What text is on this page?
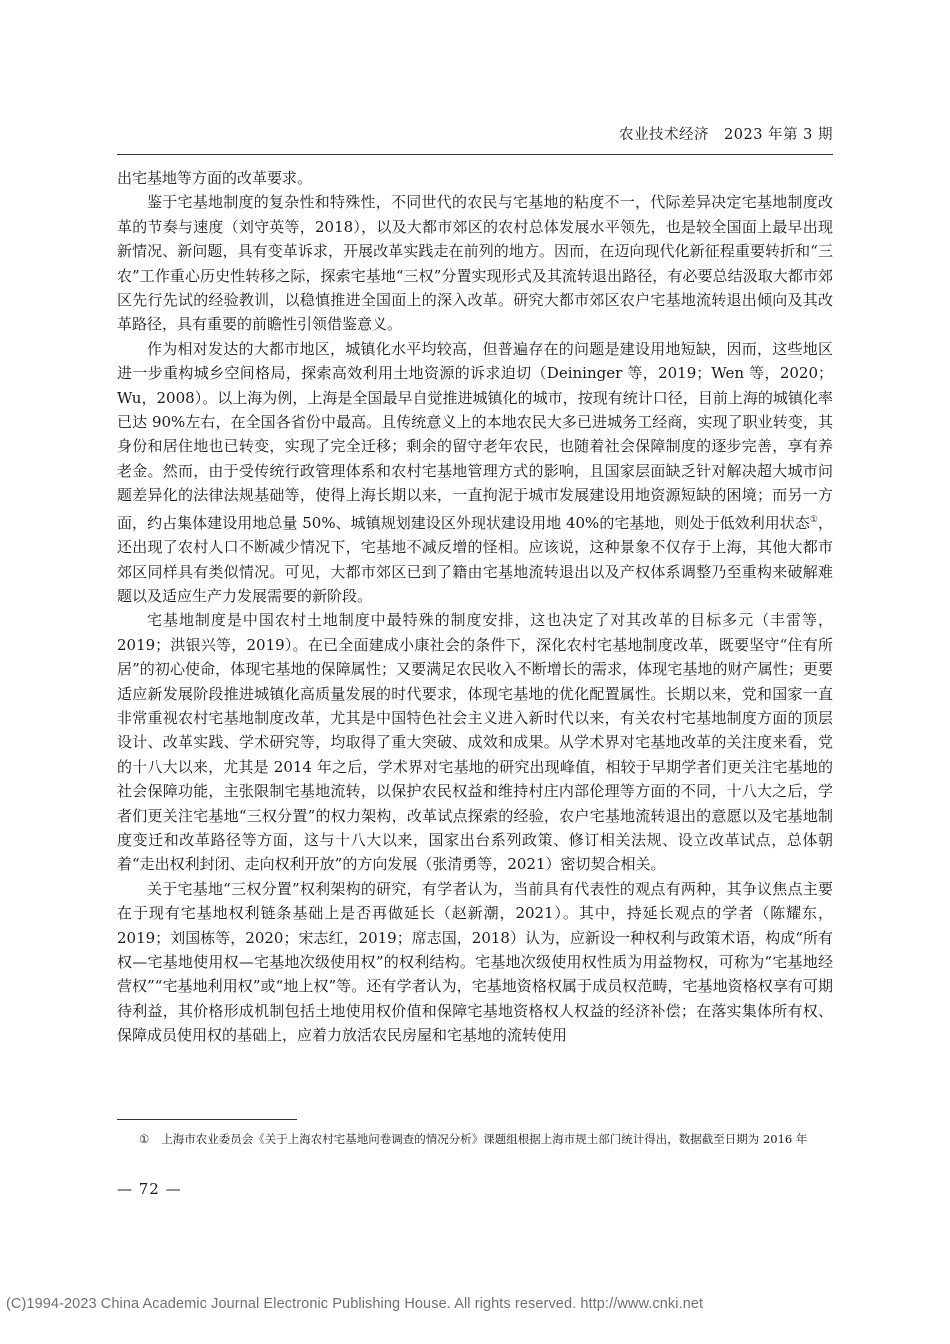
农业技术经济　2023 年第 3 期

出宅基地等方面的改革要求。

鉴于宅基地制度的复杂性和特殊性，不同世代的农民与宅基地的粘度不一，代际差异决定宅基地制度改革的节奏与速度（刘守英等，2018），以及大都市郊区的农村总体发展水平领先，也是较全国面上最早出现新情况、新问题，具有变革诉求，开展改革实践走在前列的地方。因而，在迈向现代化新征程重要转折和“三农”工作重心历史性转移之际，探索宅基地“三权”分置实现形式及其流转退出路径，有必要总结汲取大都市郊区先行先试的经验教训，以稳慎推进全国面上的深入改革。研究大都市郊区农户宅基地流转退出倾向及其改革路径，具有重要的前瞻性引领借鉴意义。

作为相对发达的大都市地区，城镇化水平均较高，但普遍存在的问题是建设用地短缺，因而，这些地区进一步重构城乡空间格局，探索高效利用土地资源的诉求迫切（Deininger 等，2019；Wen 等，2020；Wu，2008）。以上海为例，上海是全国最早自觉推进城镇化的城市，按现有统计口径，目前上海的城镇化率已达 90%左右，在全国各省份中最高。且传统意义上的本地农民大多已进城务工经商，实现了职业转变，其身份和居住地也已转变，实现了完全迁移；剩余的留守老年农民，也随着社会保障制度的逐步完善，享有养老金。然而，由于受传统行政管理体系和农村宅基地管理方式的影响，且国家层面缺乏针对解决超大城市问题差异化的法律法规基础等，使得上海长期以来，一直拘泥于城市发展建设用地资源短缺的困境；而另一方面，约占集体建设用地总量 50%、城镇规划建设区外现状建设用地 40%的宅基地，则处于低效利用状态①，还出现了农村人口不断减少情况下，宅基地不减反增的怪相。应该说，这种景象不仅存于上海，其他大都市郊区同样具有类似情况。可见，大都市郊区已到了籍由宅基地流转退出以及产权体系调整乃至重构来破解难题以及适应生产力发展需要的新阶段。

宅基地制度是中国农村土地制度中最特殊的制度安排，这也决定了对其改革的目标多元（丰雷等，2019；洪银兴等，2019）。在已全面建成小康社会的条件下，深化农村宅基地制度改革，既要坚守“住有所居”的初心使命，体现宅基地的保障属性；又要满足农民收入不断增长的需求，体现宅基地的财产属性；更要适应新发展阶段推进城镇化高质量发展的时代要求，体现宅基地的优化配置属性。长期以来，党和国家一直非常重视农村宅基地制度改革，尤其是中国特色社会主义进入新时代以来，有关农村宅基地制度方面的顶层设计、改革实践、学术研究等，均取得了重大突破、成效和成果。从学术界对宅基地改革的关注度来看，党的十八大以来，尤其是 2014 年之后，学术界对宅基地的研究出现峰值，相较于早期学者们更关注宅基地的社会保障功能，主张限制宅基地流转，以保护农民权益和维持村庄内部伦理等方面的不同，十八大之后，学者们更关注宅基地“三权分置”的权力架构，改革试点探索的经验，农户宅基地流转退出的意愿以及宅基地制度变迁和改革路径等方面，这与十八大以来，国家出台系列政策、修订相关法规、设立改革试点，总体朝着“走出权利封闭、走向权利开放”的方向发展（张清勇等，2021）密切契合相关。

关于宅基地“三权分置”权利架构的研究，有学者认为，当前具有代表性的观点有两种，其争议焦点主要在于现有宅基地权利链条基础上是否再做延长（赵新潮，2021）。其中，持延长观点的学者（陈耀东，2019；刘国栋等，2020；宋志红，2019；席志国，2018）认为，应新设一种权利与政策术语，构成“所有权—宅基地使用权—宅基地次级使用权”的权利结构。宅基地次级使用权性质为用益物权，可称为“宅基地经营权”“宅基地利用权”或“地上权”等。还有学者认为，宅基地资格权属于成员权范畴，宅基地资格权享有可期待利益，其价格形成机制包括土地使用权价值和保障宅基地资格权人权益的经济补偿；在落实集体所有权、保障成员使用权的基础上，应着力放活农民房屋和宅基地的流转使用

① 上海市农业委员会《关于上海农村宅基地问卷调查的情况分析》课题组根据上海市规土部门统计得出，数据截至日期为 2016 年
— 72 —
(C)1994-2023 China Academic Journal Electronic Publishing House. All rights reserved. http://www.cnki.net
